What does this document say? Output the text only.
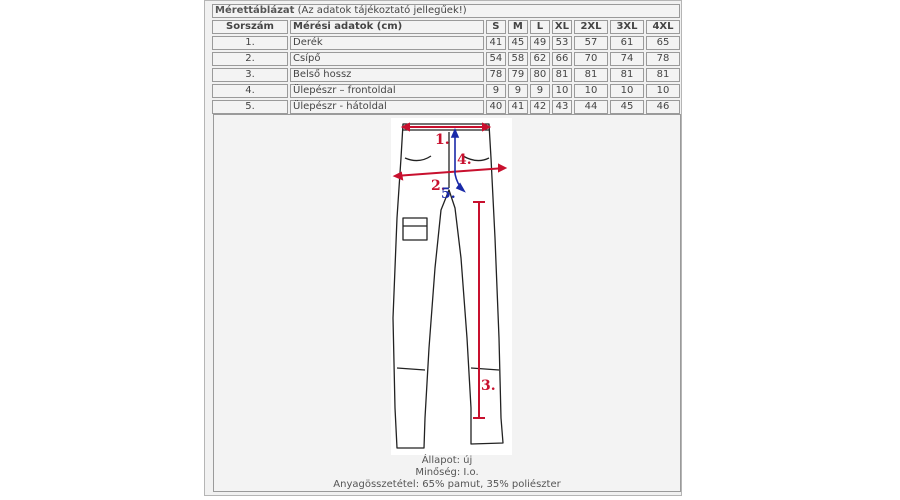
Mérettáblázat (Az adatok tájékoztató jellegűek!)								
Sorszám	Mérési adatok (cm)	S	M	L	XL	2XL	3XL	4XL
1.	Derék	41	45	49	53	57	61	65
2.	Csípő	54	58	62	66	70	74	78
3.	Belső hossz	78	79	80	81	81	81	81
4.	Ülepészr – frontoldal	9	9	9	10	10	10	10
5.	Ülepészr - hátoldal	40	41	42	43	44	45	46
1.
2.
3.
4.
5.
Állapot: új
Minőség: I.o.
Anyagösszetétel: 65% pamut, 35% poliészter
